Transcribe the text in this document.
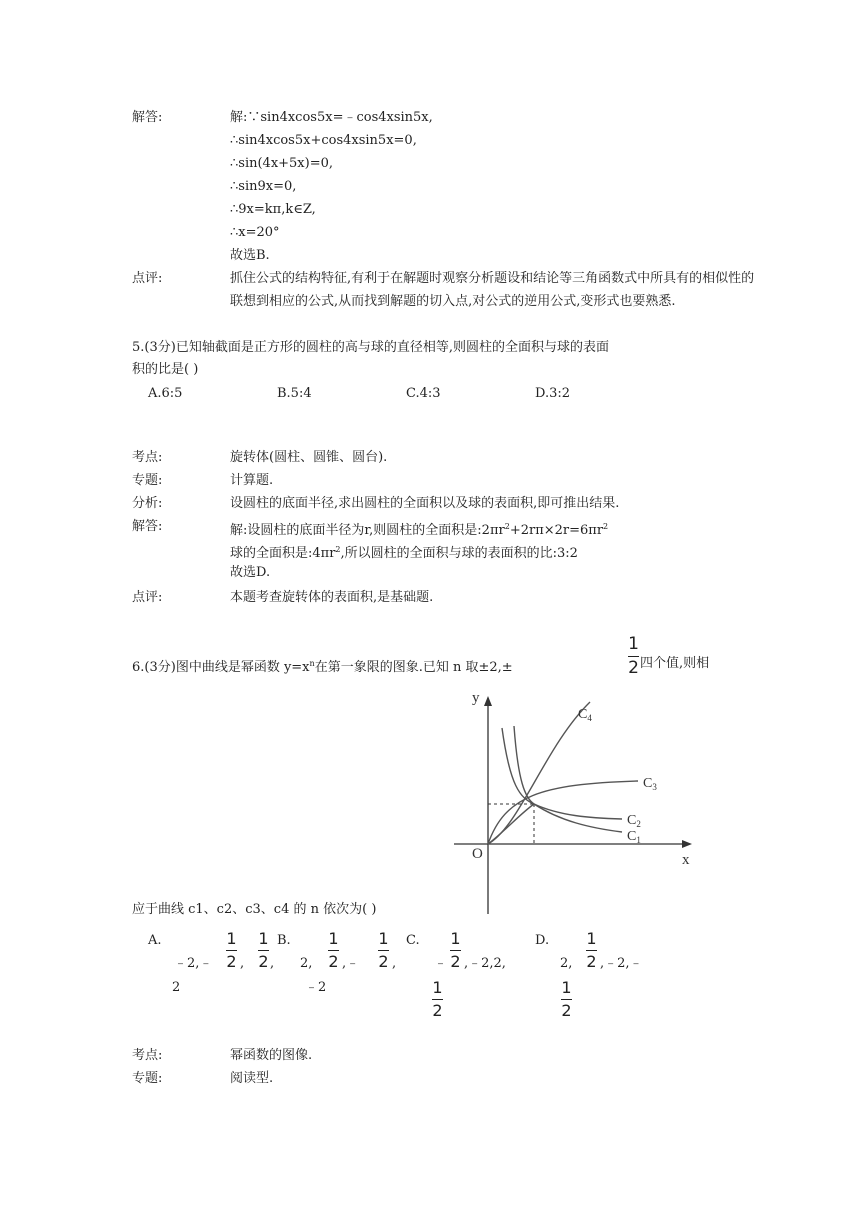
解答:	解:∵sin4xcos5x=﹣cos4xsin5x,
∴sin4xcos5x+cos4xsin5x=0,
∴sin(4x+5x)=0,
∴sin9x=0,
∴9x=kπ,k∈Z,
∴x=20°
故选B.
点评:	抓住公式的结构特征,有利于在解题时观察分析题设和结论等三角函数式中所具有的相似性的
联想到相应的公式,从而找到解题的切入点,对公式的逆用公式,变形式也要熟悉.
5.(3分)已知轴截面是正方形的圆柱的高与球的直径相等,则圆柱的全面积与球的表面
积的比是( )
A.6:5	B.5:4	C.4:3	D.3:2
考点:	旋转体(圆柱、圆锥、圆台).
专题:	计算题.
分析:	设圆柱的底面半径,求出圆柱的全面积以及球的表面积,即可推出结果.
解答:	解:设圆柱的底面半径为r,则圆柱的全面积是$:2\pi r^2+2r\pi\times 2r=6\pi r^2$
球的全面积是$:4\pi r^2$,所以圆柱的全面积与球的表面积的比:3:2
故选D.
点评:	本题考查旋转体的表面积,是基础题.
6.(3分)图中曲线是幂函数 $y=x^n$在第一象限的图象.已知 n 取±2,±
1
2 四个值,则相
y
x
O
$C_4$
$C_3$
$C_2$
$C_1$
应于曲线 c1、c2、c3、c4 的 n 依次为( )
A.
﹣2,﹣
1
2 ,
1
2 ,
2
B.
2,
1
2 ,﹣
1
2 ,
﹣2
C.
﹣
1
2 ,﹣2,2,
1
2
D.
2,
1
2 ,﹣2,﹣
1
2
考点:	幂函数的图像.
专题:	阅读型.
